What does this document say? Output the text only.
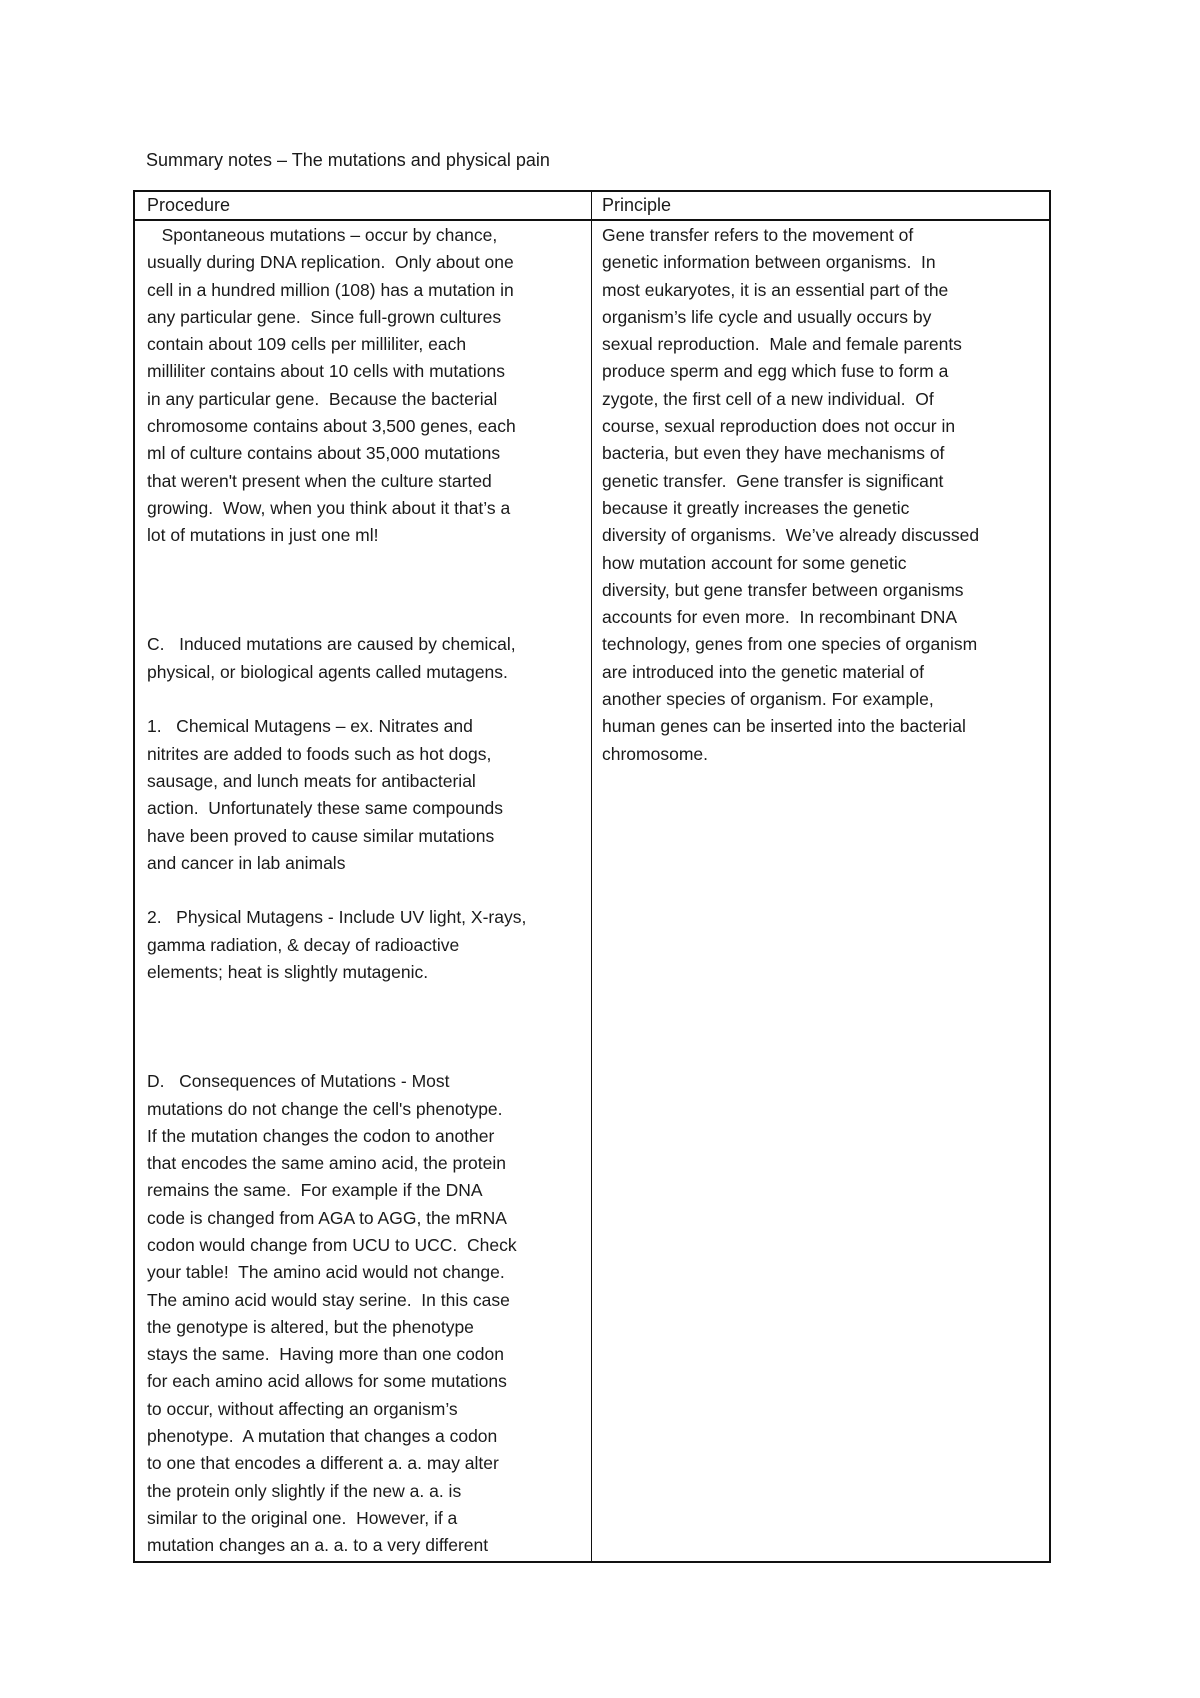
Summary notes – The mutations and physical pain
Procedure	Principle
Spontaneous mutations – occur by chance,
usually during DNA replication.  Only about one
cell in a hundred million (108) has a mutation in
any particular gene.  Since full-grown cultures
contain about 109 cells per milliliter, each
milliliter contains about 10 cells with mutations
in any particular gene.  Because the bacterial
chromosome contains about 3,500 genes, each
ml of culture contains about 35,000 mutations
that weren't present when the culture started
growing.  Wow, when you think about it that’s a
lot of mutations in just one ml!
C.   Induced mutations are caused by chemical,
physical, or biological agents called mutagens.
1.   Chemical Mutagens – ex. Nitrates and
nitrites are added to foods such as hot dogs,
sausage, and lunch meats for antibacterial
action.  Unfortunately these same compounds
have been proved to cause similar mutations
and cancer in lab animals
2.   Physical Mutagens - Include UV light, X-rays,
gamma radiation, & decay of radioactive
elements; heat is slightly mutagenic.
D.   Consequences of Mutations - Most
mutations do not change the cell's phenotype.
If the mutation changes the codon to another
that encodes the same amino acid, the protein
remains the same.  For example if the DNA
code is changed from AGA to AGG, the mRNA
codon would change from UCU to UCC.  Check
your table!  The amino acid would not change.
The amino acid would stay serine.  In this case
the genotype is altered, but the phenotype
stays the same.  Having more than one codon
for each amino acid allows for some mutations
to occur, without affecting an organism’s
phenotype.  A mutation that changes a codon
to one that encodes a different a. a. may alter
the protein only slightly if the new a. a. is
similar to the original one.  However, if a
mutation changes an a. a. to a very different
Gene transfer refers to the movement of
genetic information between organisms.  In
most eukaryotes, it is an essential part of the
organism’s life cycle and usually occurs by
sexual reproduction.  Male and female parents
produce sperm and egg which fuse to form a
zygote, the first cell of a new individual.  Of
course, sexual reproduction does not occur in
bacteria, but even they have mechanisms of
genetic transfer.  Gene transfer is significant
because it greatly increases the genetic
diversity of organisms.  We’ve already discussed
how mutation account for some genetic
diversity, but gene transfer between organisms
accounts for even more.  In recombinant DNA
technology, genes from one species of organism
are introduced into the genetic material of
another species of organism. For example,
human genes can be inserted into the bacterial
chromosome.
